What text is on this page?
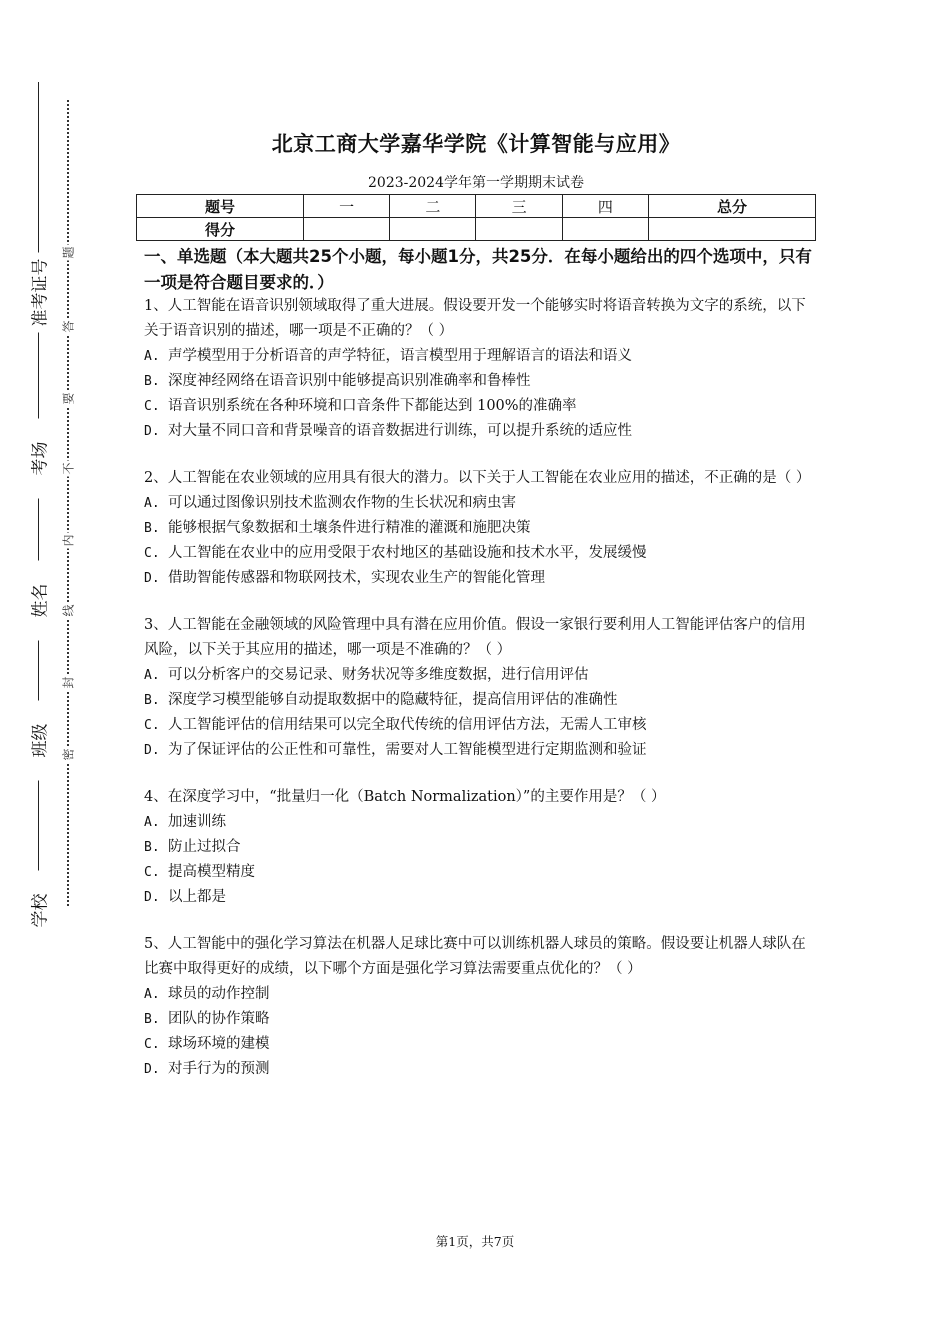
准考证号
考场
姓名
班级
学校
题
答
要
不
内
线
封
密
北京工商大学嘉华学院《计算智能与应用》
2023-2024学年第一学期期末试卷
题号	一	二	三	四	总分
得分					
一、单选题（本大题共25个小题，每小题1分，共25分．在每小题给出的四个选项中，只有一项是符合题目要求的．）
1、人工智能在语音识别领域取得了重大进展。假设要开发一个能够实时将语音转换为文字的系统，以下关于语音识别的描述，哪一项是不正确的？（ ）
A. 声学模型用于分析语音的声学特征，语言模型用于理解语言的语法和语义
B. 深度神经网络在语音识别中能够提高识别准确率和鲁棒性
C. 语音识别系统在各种环境和口音条件下都能达到 100%的准确率
D. 对大量不同口音和背景噪音的语音数据进行训练，可以提升系统的适应性
2、人工智能在农业领域的应用具有很大的潜力。以下关于人工智能在农业应用的描述，不正确的是（ ）
A. 可以通过图像识别技术监测农作物的生长状况和病虫害
B. 能够根据气象数据和土壤条件进行精准的灌溉和施肥决策
C. 人工智能在农业中的应用受限于农村地区的基础设施和技术水平，发展缓慢
D. 借助智能传感器和物联网技术，实现农业生产的智能化管理
3、人工智能在金融领域的风险管理中具有潜在应用价值。假设一家银行要利用人工智能评估客户的信用风险，以下关于其应用的描述，哪一项是不准确的？（ ）
A. 可以分析客户的交易记录、财务状况等多维度数据，进行信用评估
B. 深度学习模型能够自动提取数据中的隐藏特征，提高信用评估的准确性
C. 人工智能评估的信用结果可以完全取代传统的信用评估方法，无需人工审核
D. 为了保证评估的公正性和可靠性，需要对人工智能模型进行定期监测和验证
4、在深度学习中，“批量归一化（Batch Normalization）”的主要作用是？（ ）
A. 加速训练
B. 防止过拟合
C. 提高模型精度
D. 以上都是
5、人工智能中的强化学习算法在机器人足球比赛中可以训练机器人球员的策略。假设要让机器人球队在比赛中取得更好的成绩，以下哪个方面是强化学习算法需要重点优化的？（ ）
A. 球员的动作控制
B. 团队的协作策略
C. 球场环境的建模
D. 对手行为的预测
第1页，共7页
